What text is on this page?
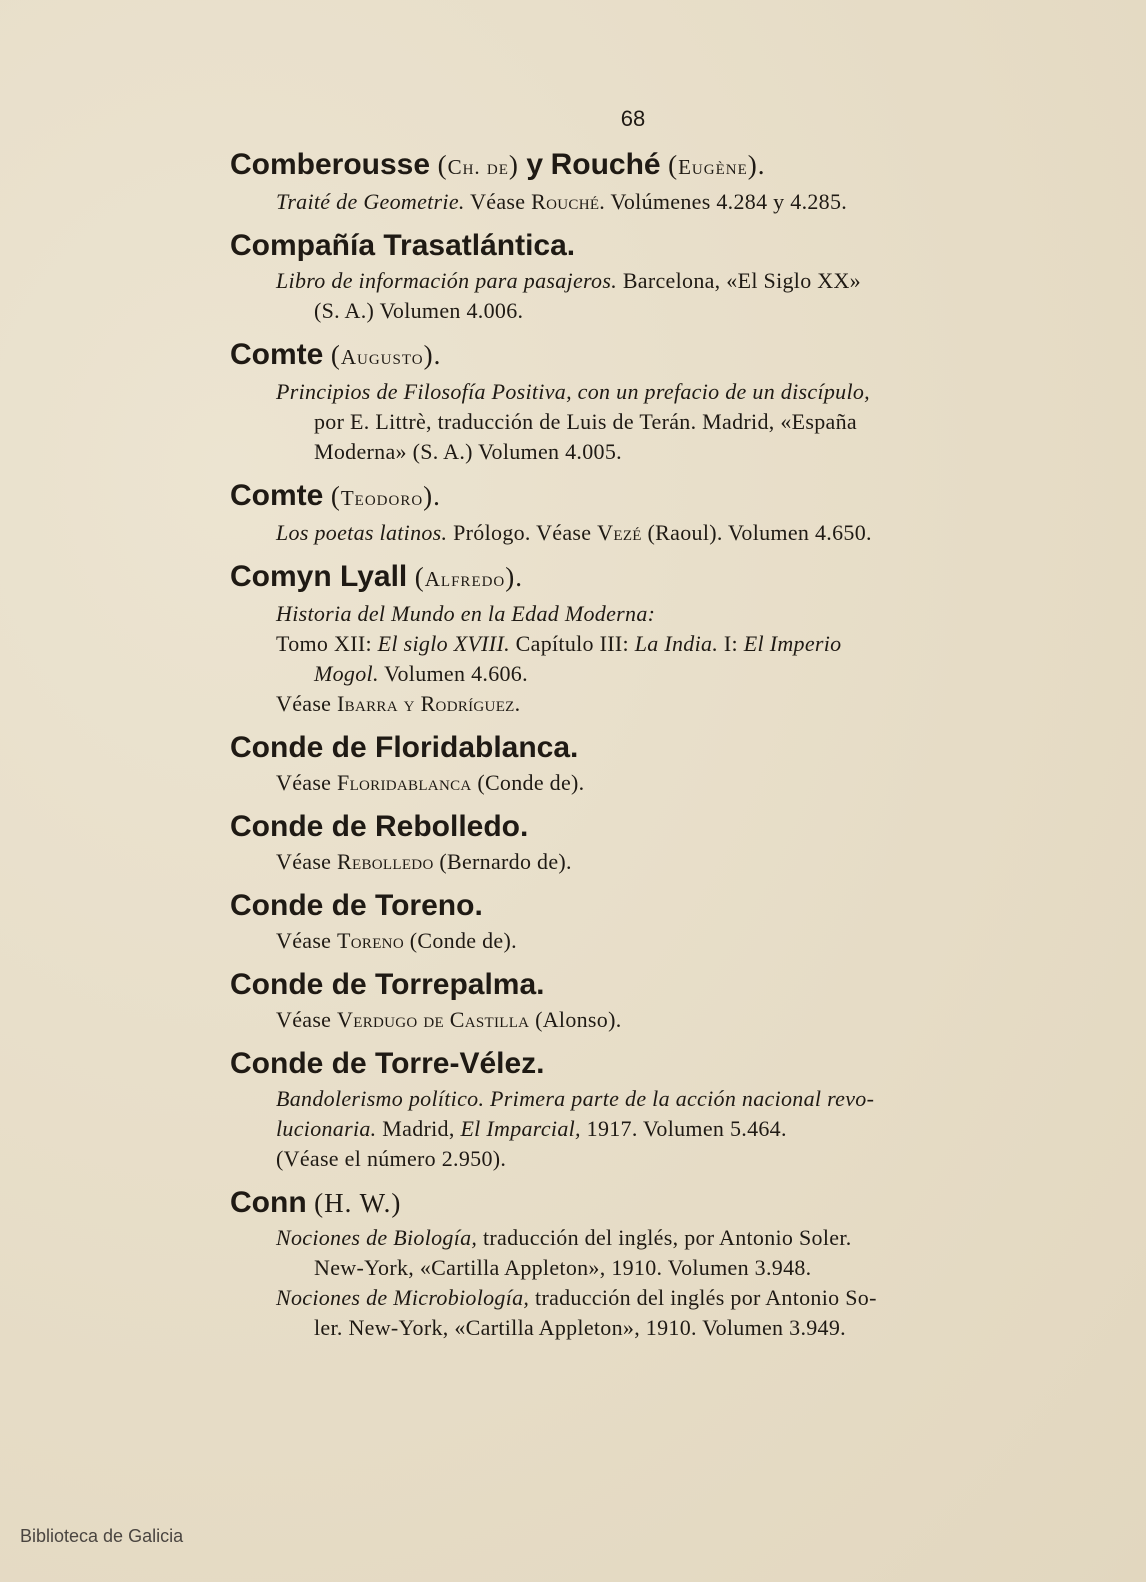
68
Comberousse (Ch. de) y Rouché (Eugène).
Traité de Geometrie. Véase Rouché. Volúmenes 4.284 y 4.285.
Compañía Trasatlántica.
Libro de información para pasajeros. Barcelona, «El Siglo XX»
(S. A.) Volumen 4.006.
Comte (Augusto).
Principios de Filosofía Positiva, con un prefacio de un discípulo,
por E. Littrè, traducción de Luis de Terán. Madrid, «España
Moderna» (S. A.) Volumen 4.005.
Comte (Teodoro).
Los poetas latinos. Prólogo. Véase Vezé (Raoul). Volumen 4.650.
Comyn Lyall (Alfredo).
Historia del Mundo en la Edad Moderna:
Tomo XII: El siglo XVIII. Capítulo III: La India. I: El Imperio
Mogol. Volumen 4.606.
Véase Ibarra y Rodríguez.
Conde de Floridablanca.
Véase Floridablanca (Conde de).
Conde de Rebolledo.
Véase Rebolledo (Bernardo de).
Conde de Toreno.
Véase Toreno (Conde de).
Conde de Torrepalma.
Véase Verdugo de Castilla (Alonso).
Conde de Torre-Vélez.
Bandolerismo político. Primera parte de la acción nacional revo-
lucionaria. Madrid, El Imparcial, 1917. Volumen 5.464.
(Véase el número 2.950).
Conn (H. W.)
Nociones de Biología, traducción del inglés, por Antonio Soler.
New-York, «Cartilla Appleton», 1910. Volumen 3.948.
Nociones de Microbiología, traducción del inglés por Antonio So-
ler. New-York, «Cartilla Appleton», 1910. Volumen 3.949.
Biblioteca de Galicia
